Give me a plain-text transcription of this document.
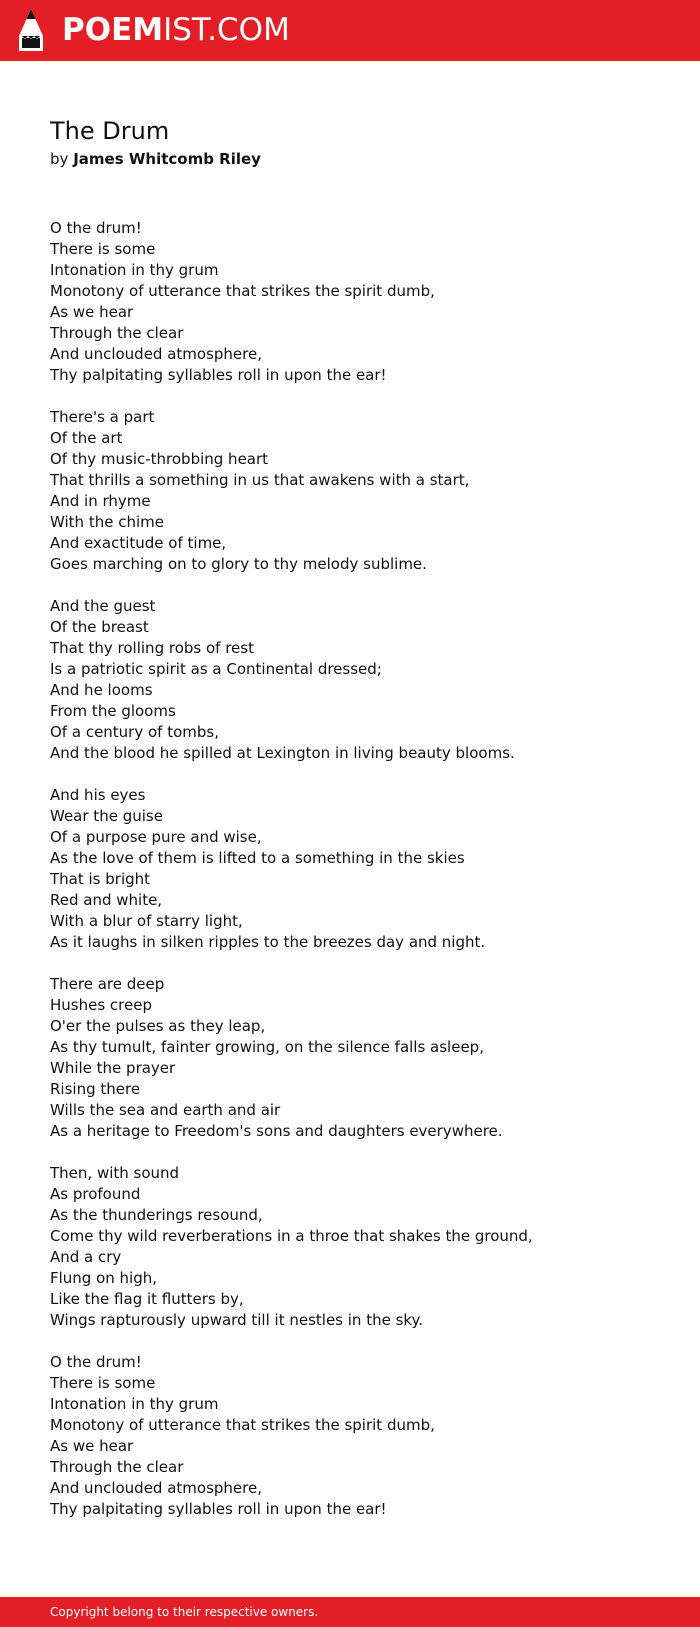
POEMIST.COM
The Drum
by James Whitcomb Riley
O the drum!
There is some
Intonation in thy grum
Monotony of utterance that strikes the spirit dumb,
As we hear
Through the clear
And unclouded atmosphere,
Thy palpitating syllables roll in upon the ear!
There's a part
Of the art
Of thy music-throbbing heart
That thrills a something in us that awakens with a start,
And in rhyme
With the chime
And exactitude of time,
Goes marching on to glory to thy melody sublime.
And the guest
Of the breast
That thy rolling robs of rest
Is a patriotic spirit as a Continental dressed;
And he looms
From the glooms
Of a century of tombs,
And the blood he spilled at Lexington in living beauty blooms.
And his eyes
Wear the guise
Of a purpose pure and wise,
As the love of them is lifted to a something in the skies
That is bright
Red and white,
With a blur of starry light,
As it laughs in silken ripples to the breezes day and night.
There are deep
Hushes creep
O'er the pulses as they leap,
As thy tumult, fainter growing, on the silence falls asleep,
While the prayer
Rising there
Wills the sea and earth and air
As a heritage to Freedom's sons and daughters everywhere.
Then, with sound
As profound
As the thunderings resound,
Come thy wild reverberations in a throe that shakes the ground,
And a cry
Flung on high,
Like the flag it flutters by,
Wings rapturously upward till it nestles in the sky.
O the drum!
There is some
Intonation in thy grum
Monotony of utterance that strikes the spirit dumb,
As we hear
Through the clear
And unclouded atmosphere,
Thy palpitating syllables roll in upon the ear!
Copyright belong to their respective owners.
